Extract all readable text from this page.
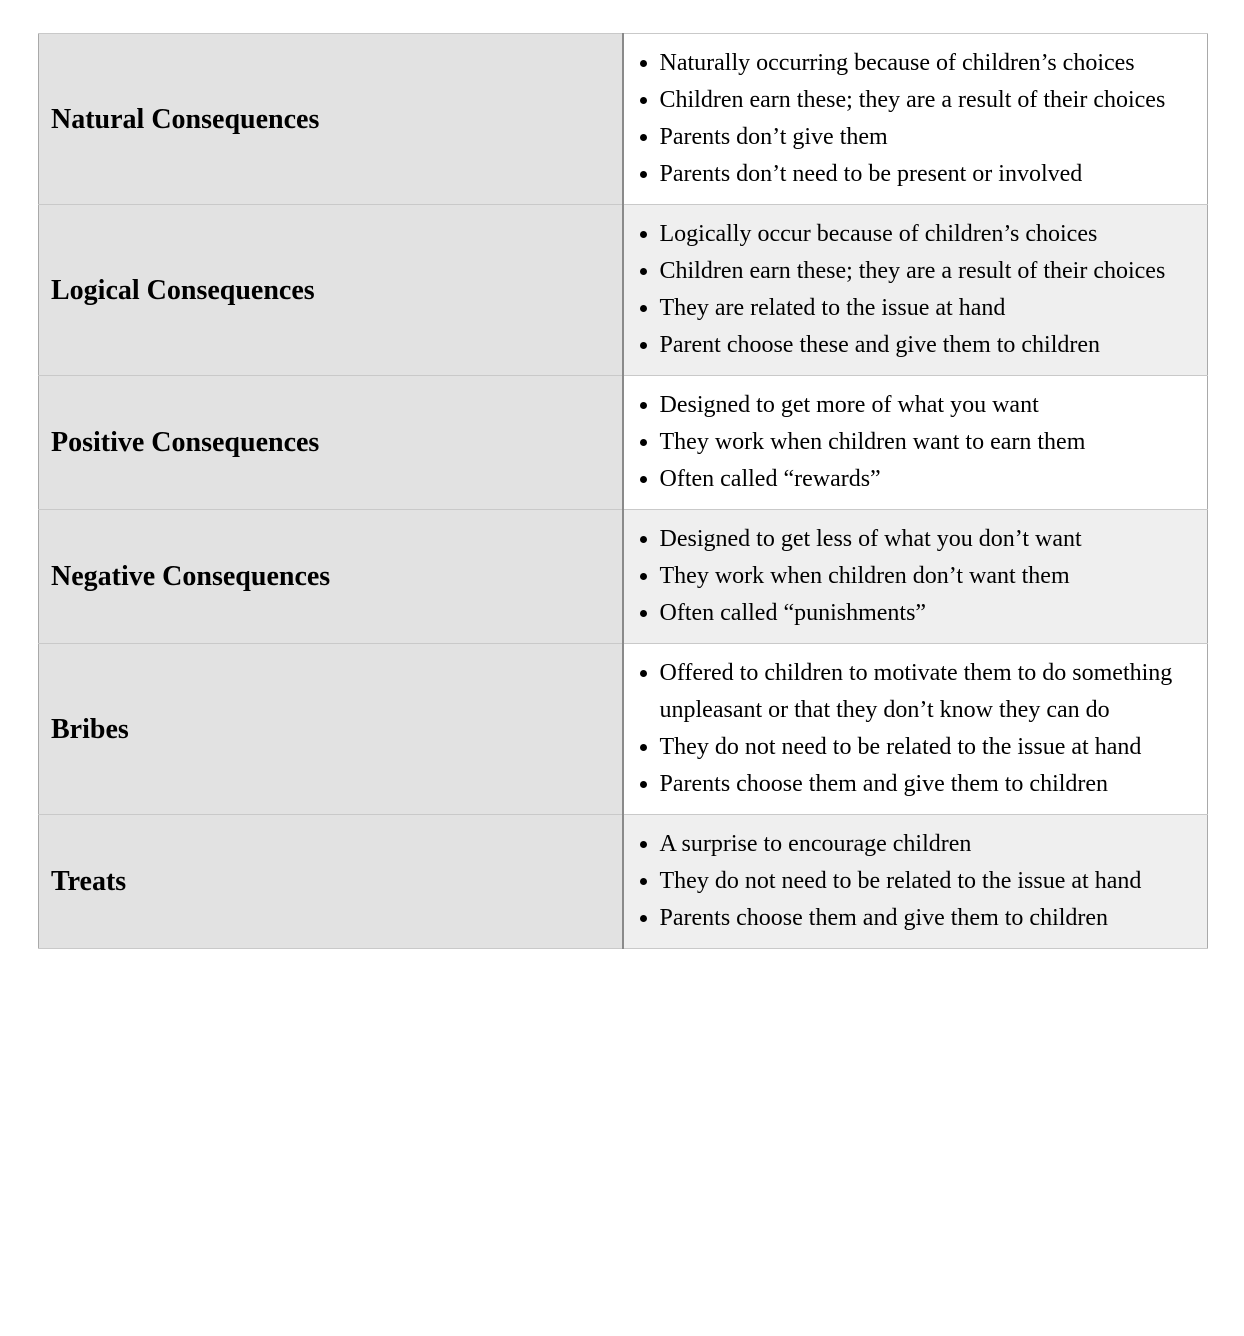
Natural Consequences	
• Naturally occurring because of children’s choices
• Children earn these; they are a result of their choices
• Parents don’t give them
• Parents don’t need to be present or involved

Logical Consequences	
• Logically occur because of children’s choices
• Children earn these; they are a result of their choices
• They are related to the issue at hand
• Parent choose these and give them to children

Positive Consequences	
• Designed to get more of what you want
• They work when children want to earn them
• Often called “rewards”

Negative Consequences	
• Designed to get less of what you don’t want
• They work when children don’t want them
• Often called “punishments”

Bribes	
• Offered to children to motivate them to do something unpleasant or that they don’t know they can do
• They do not need to be related to the issue at hand
• Parents choose them and give them to children

Treats	
• A surprise to encourage children
• They do not need to be related to the issue at hand
• Parents choose them and give them to children
